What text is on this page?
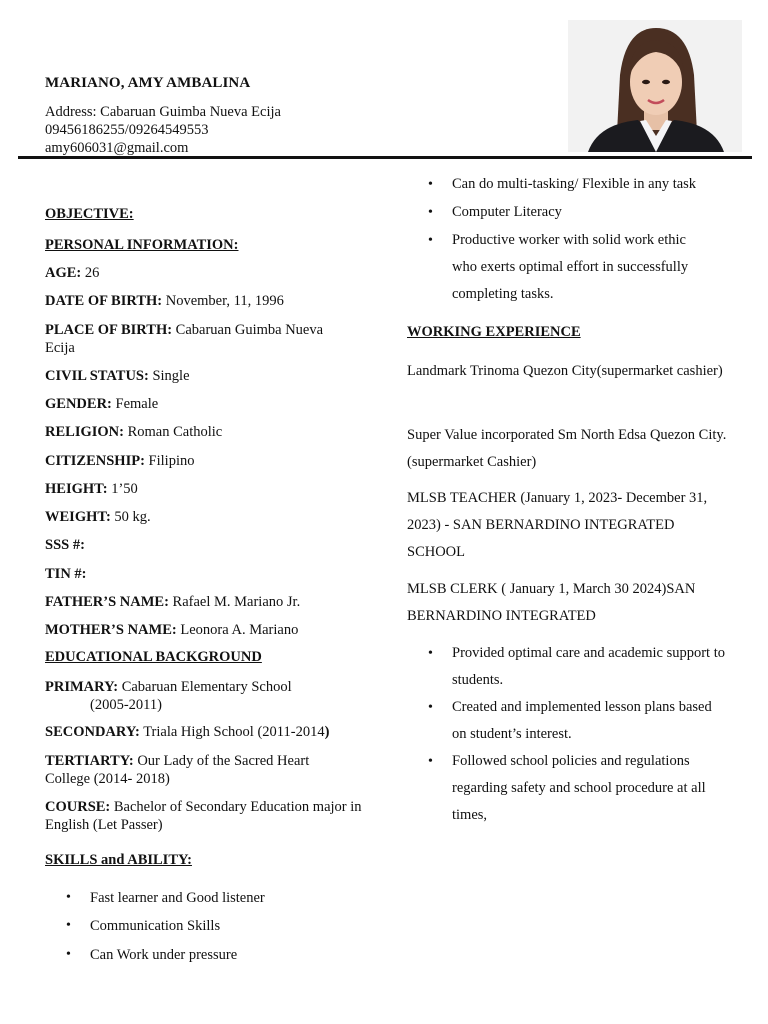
MARIANO, AMY AMBALINA
Address: Cabaruan Guimba Nueva Ecija
09456186255/09264549553
amy606031@gmail.com
OBJECTIVE:
PERSONAL INFORMATION:
AGE: 26
DATE OF BIRTH: November, 11, 1996
PLACE OF BIRTH: Cabaruan Guimba Nueva Ecija
CIVIL STATUS: Single
GENDER: Female
RELIGION: Roman Catholic
CITIZENSHIP: Filipino
HEIGHT: 1’50
WEIGHT: 50 kg.
SSS #:
TIN #:
FATHER’S NAME: Rafael M. Mariano Jr.
MOTHER’S NAME: Leonora A. Mariano
EDUCATIONAL BACKGROUND
PRIMARY: Cabaruan Elementary School
(2005-2011)
SECONDARY: Triala High School (2011-2014)
TERTIARTY: Our Lady of the Sacred Heart College (2014- 2018)
COURSE: Bachelor of Secondary Education major in English (Let Passer)
SKILLS and ABILITY:
• Fast learner and Good listener
• Communication Skills
• Can Work under pressure
• Can do multi-tasking/ Flexible in any task
• Computer Literacy
• Productive worker with solid work ethic who exerts optimal effort in successfully completing tasks.
WORKING EXPERIENCE
Landmark Trinoma Quezon City(supermarket cashier)
Super Value incorporated Sm North Edsa Quezon City. (supermarket Cashier)
MLSB TEACHER (January 1, 2023- December 31, 2023) - SAN BERNARDINO INTEGRATED SCHOOL
MLSB CLERK ( January 1, March 30 2024)SAN BERNARDINO INTEGRATED
• Provided optimal care and academic support to students.
• Created and implemented lesson plans based on student’s interest.
• Followed school policies and regulations regarding safety and school procedure at all times,
